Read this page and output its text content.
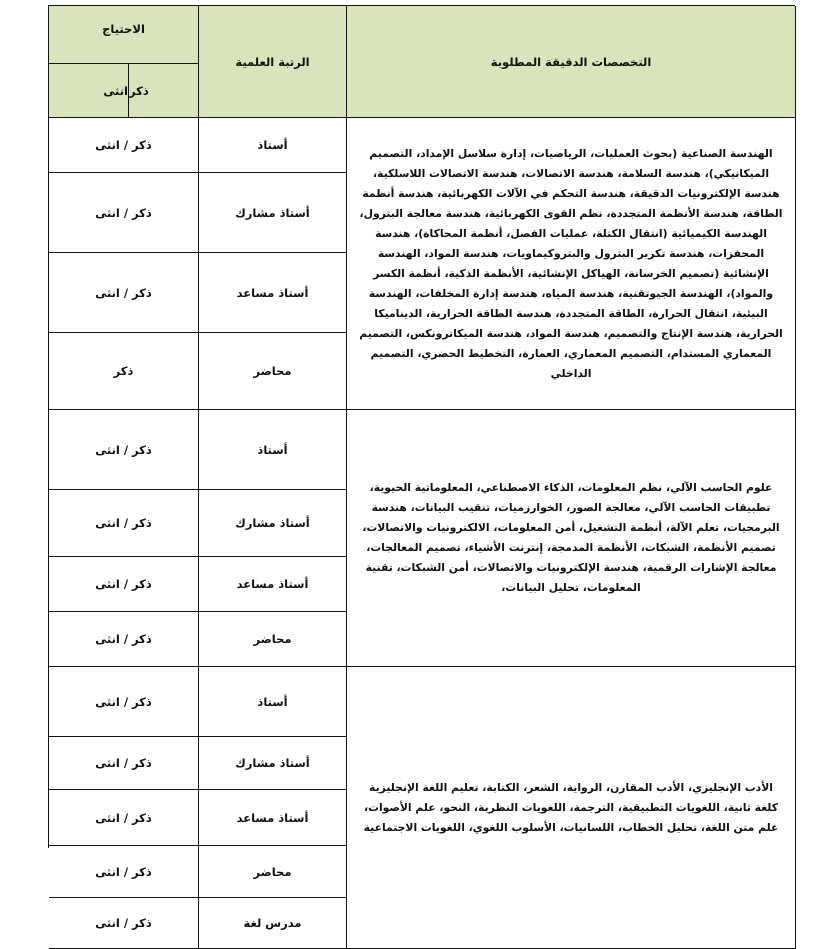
الاحتياج
انثى ذكر
الرتبة العلمية	التخصصات الدقيقة المطلوبة
ذكر / انثى	أستاذ
الهندسة الصناعية (بحوث العمليات، الرياضيات، إدارة سلاسل الإمداد، التصميم الميكانيكي)، هندسة السلامة، هندسة الاتصالات، هندسة الاتصالات اللاسلكية، هندسة الإلكترونيات الدقيقة، هندسة التحكم في الآلات الكهربائية، هندسة أنظمة الطاقة، هندسة الأنظمة المتجددة، نظم القوى الكهربائية، هندسة معالجة البترول، الهندسة الكيميائية (انتقال الكتلة، عمليات الفصل، أنظمة المحاكاة)، هندسة المحفزات، هندسة تكرير البترول والبتروكيماويات، هندسة المواد، الهندسة الإنشائية (تصميم الخرسانة، الهياكل الإنشائية، الأنظمة الذكية، أنظمة الكسر والمواد)، الهندسة الجيوتقنية، هندسة المياه، هندسة إدارة المخلفات، الهندسة البيئية، انتقال الحرارة، الطاقة المتجددة، هندسة الطاقة الحرارية، الديناميكا الحرارية، هندسة الإنتاج والتصميم، هندسة المواد، هندسة الميكاترونكس، التصميم المعماري المستدام، التصميم المعماري، العمارة، التخطيط الحضري، التصميم الداخلي
ذكر / انثى	أستاذ مشارك
ذكر / انثى	أستاذ مساعد
ذكر	محاضر
ذكر / انثى	أستاذ
علوم الحاسب الآلي، نظم المعلومات، الذكاء الاصطناعي، المعلوماتية الحيوية، تطبيقات الحاسب الآلي، معالجة الصور، الخوارزميات، تنقيب البيانات، هندسة البرمجيات، تعلم الآلة، أنظمة التشغيل، أمن المعلومات، الالكترونيات والاتصالات، تصميم الأنظمة، الشبكات، الأنظمة المدمجة، إنترنت الأشياء، تصميم المعالجات، معالجة الإشارات الرقمية، هندسة الإلكترونيات والاتصالات، أمن الشبكات، تقنية المعلومات، تحليل البيانات،
ذكر / انثى	أستاذ مشارك
ذكر / انثى	أستاذ مساعد
ذكر / انثى	محاضر
ذكر / انثى	أستاذ
الأدب الإنجليزي، الأدب المقارن، الرواية، الشعر، الكتابة، تعليم اللغة الإنجليزية كلغة ثانية، اللغويات التطبيقية، الترجمة، اللغويات النظرية، النحو، علم الأصوات، علم متن اللغة، تحليل الخطاب، اللسانيات، الأسلوب اللغوي، اللغويات الاجتماعية
ذكر / انثى	أستاذ مشارك
ذكر / انثى	أستاذ مساعد
ذكر / انثى	محاضر
ذكر / انثى	مدرس لغة
